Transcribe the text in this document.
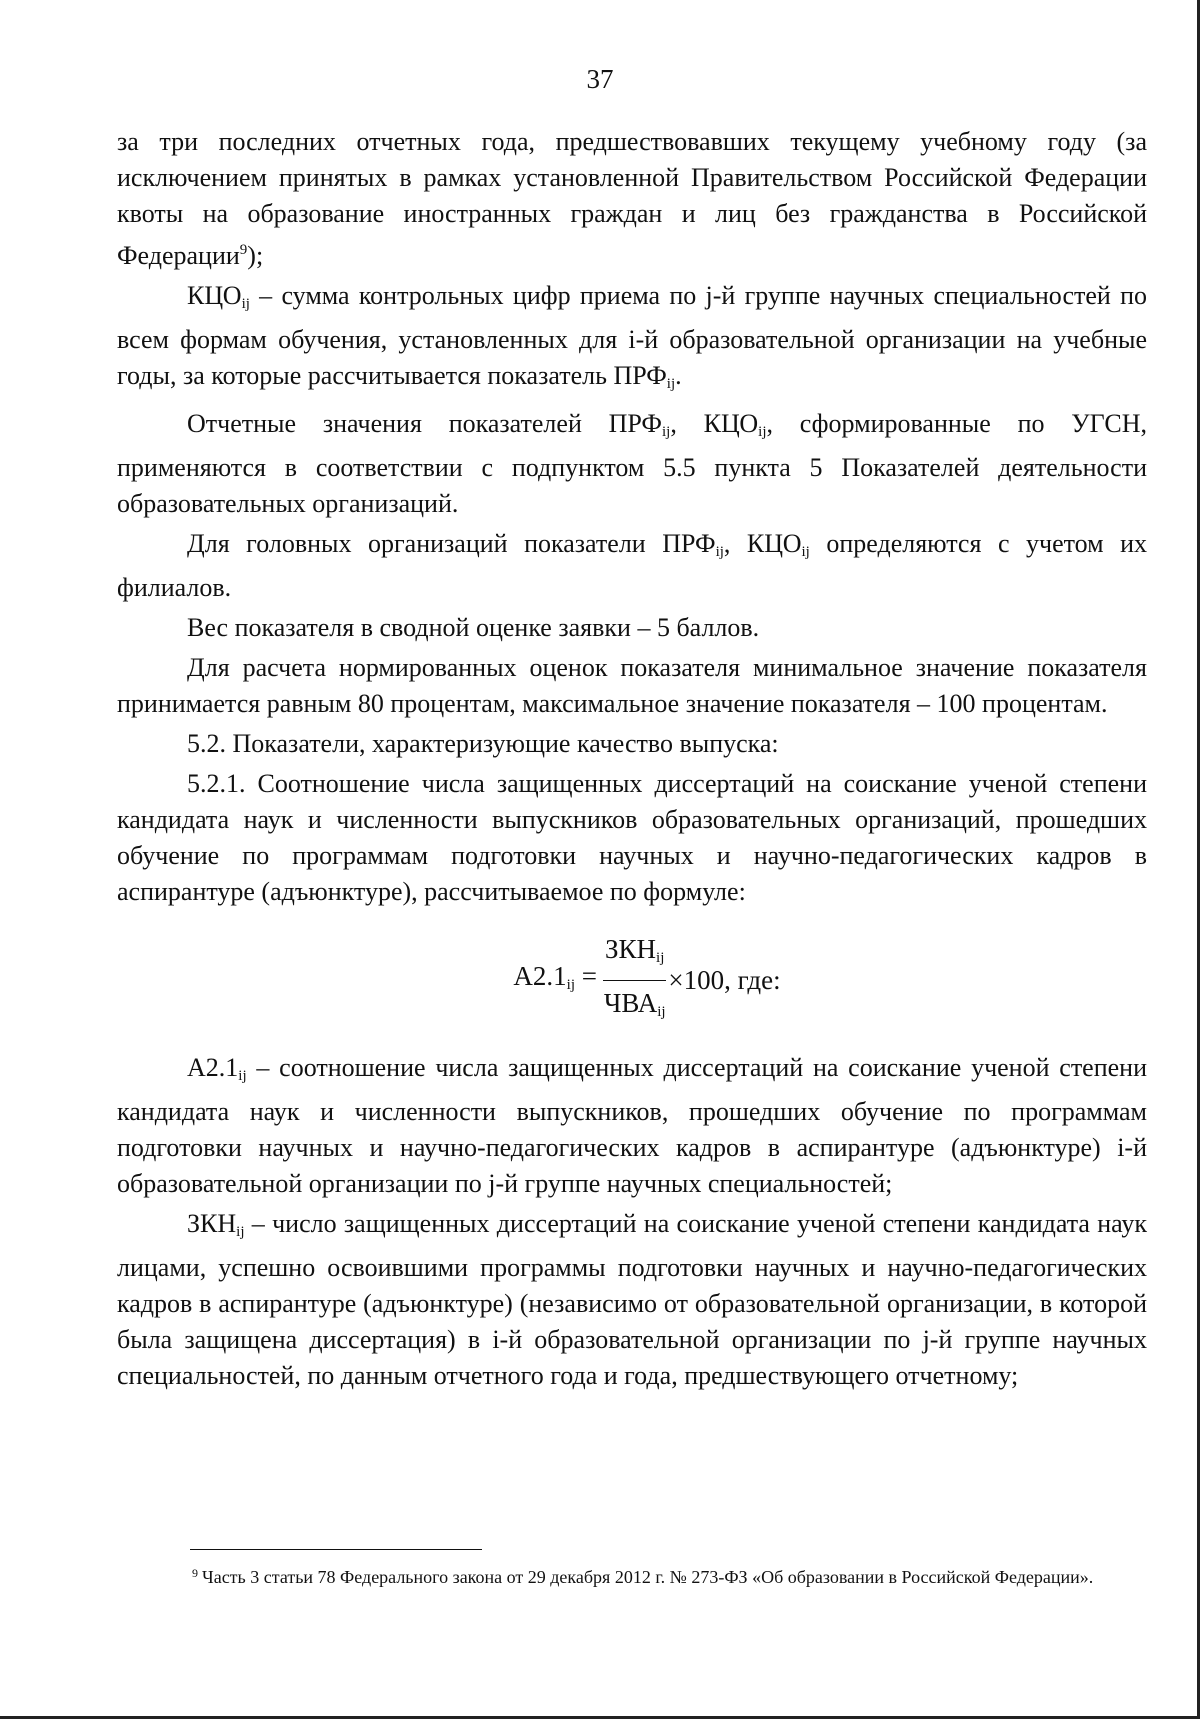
37

за три последних отчетных года, предшествовавших текущему учебному году (за исключением принятых в рамках установленной Правительством Российской Федерации квоты на образование иностранных граждан и лиц без гражданства в Российской Федерации$^9$);

$КЦО_{ij}$ – сумма контрольных цифр приема по j-й группе научных специальностей по всем формам обучения, установленных для i-й образовательной организации на учебные годы, за которые рассчитывается показатель $ПРФ_{ij}$.

Отчетные значения показателей $ПРФ_{ij}$, $КЦО_{ij}$, сформированные по УГСН, применяются в соответствии с подпунктом 5.5 пункта 5 Показателей деятельности образовательных организаций.

Для головных организаций показатели $ПРФ_{ij}$, $КЦО_{ij}$ определяются с учетом их филиалов.

Вес показателя в сводной оценке заявки – 5 баллов.

Для расчета нормированных оценок показателя минимальное значение показателя принимается равным 80 процентам, максимальное значение показателя – 100 процентам.

5.2. Показатели, характеризующие качество выпуска:

5.2.1. Соотношение числа защищенных диссертаций на соискание ученой степени кандидата наук и численности выпускников образовательных организаций, прошедших обучение по программам подготовки научных и научно-педагогических кадров в аспирантуре (адъюнктуре), рассчитываемое по формуле:

$A2.1_{ij} = \frac{ЗКН_{ij}}{ЧВА_{ij}} \times 100$, где:

$А2.1_{ij}$ – соотношение числа защищенных диссертаций на соискание ученой степени кандидата наук и численности выпускников, прошедших обучение по программам подготовки научных и научно-педагогических кадров в аспирантуре (адъюнктуре) i-й образовательной организации по j-й группе научных специальностей;

$ЗКН_{ij}$ – число защищенных диссертаций на соискание ученой степени кандидата наук лицами, успешно освоившими программы подготовки научных и научно-педагогических кадров в аспирантуре (адъюнктуре) (независимо от образовательной организации, в которой была защищена диссертация) в i-й образовательной организации по j-й группе научных специальностей, по данным отчетного года и года, предшествующего отчетному;

$^9$ Часть 3 статьи 78 Федерального закона от 29 декабря 2012 г. № 273-ФЗ «Об образовании в Российской Федерации».
